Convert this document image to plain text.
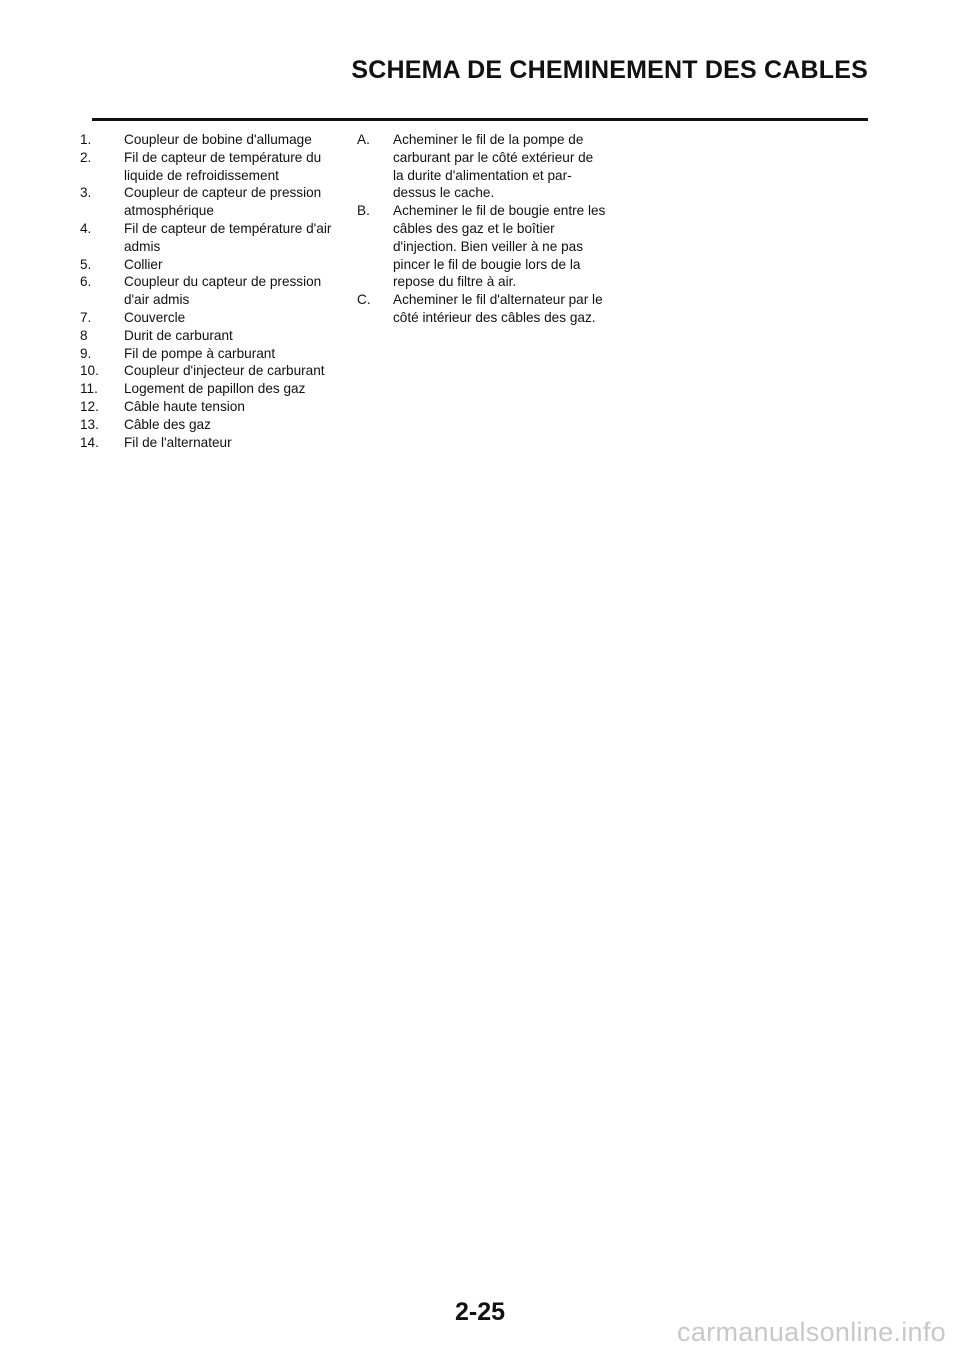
SCHEMA DE CHEMINEMENT DES CABLES
1.	Coupleur de bobine d'allumage
2.	Fil de capteur de température du liquide de refroidissement
3.	Coupleur de capteur de pression atmosphérique
4.	Fil de capteur de température d'air admis
5.	Collier
6.	Coupleur du capteur de pression d'air admis
7.	Couvercle
8	Durit de carburant
9.	Fil de pompe à carburant
10.	Coupleur d'injecteur de carburant
11.	Logement de papillon des gaz
12.	Câble haute tension
13.	Câble des gaz
14.	Fil de l'alternateur
A.	Acheminer le fil de la pompe de carburant par le côté extérieur de la durite d'alimentation et par-dessus le cache.
B.	Acheminer le fil de bougie entre les câbles des gaz et le boîtier d'injection. Bien veiller à ne pas pincer le fil de bougie lors de la repose du filtre à air.
C.	Acheminer le fil d'alternateur par le côté intérieur des câbles des gaz.
2-25
carmanualsonline.info
